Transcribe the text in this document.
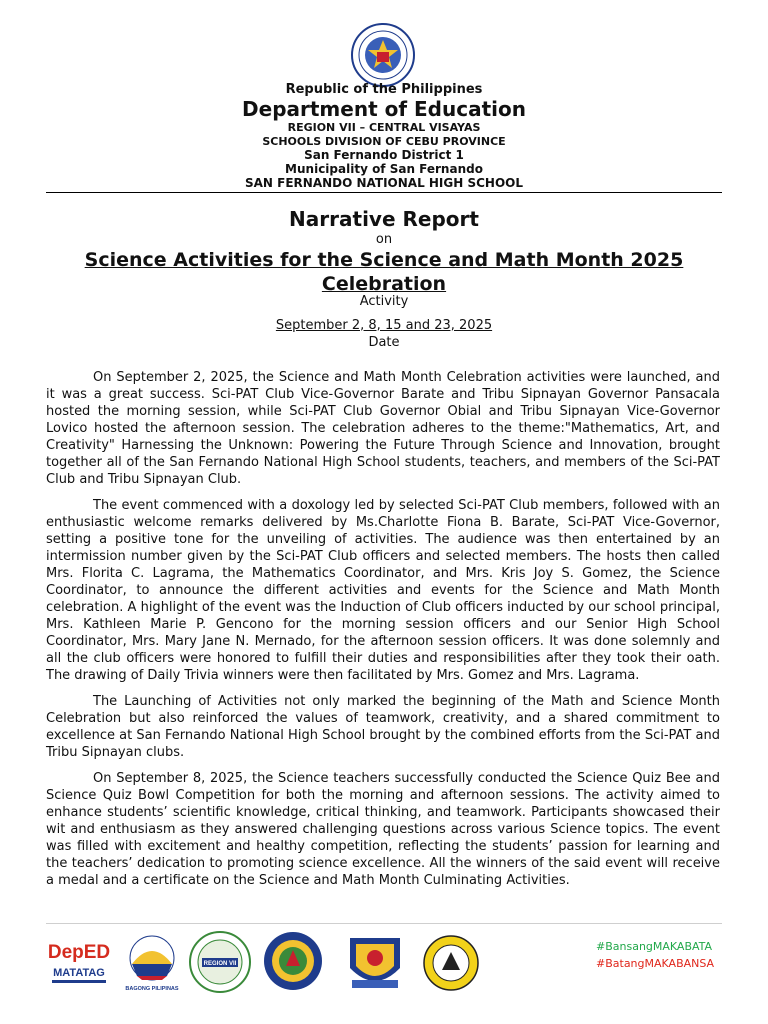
Republic of the Philippines
Department of Education
REGION VII – CENTRAL VISAYAS
SCHOOLS DIVISION OF CEBU PROVINCE
San Fernando District 1
Municipality of San Fernando
SAN FERNANDO NATIONAL HIGH SCHOOL
Narrative Report
on
Science Activities for the Science and Math Month 2025 Celebration
Activity
September 2, 8, 15 and 23, 2025
Date

On September 2, 2025, the Science and Math Month Celebration activities were launched, and it was a great success. Sci-PAT Club Vice-Governor Barate and Tribu Sipnayan Governor Pansacala hosted the morning session, while Sci-PAT Club Governor Obial and Tribu Sipnayan Vice-Governor Lovico hosted the afternoon session. The celebration adheres to the theme:"Mathematics, Art, and Creativity" Harnessing the Unknown: Powering the Future Through Science and Innovation, brought together all of the San Fernando National High School students, teachers, and members of the Sci-PAT Club and Tribu Sipnayan Club.

The event commenced with a doxology led by selected Sci-PAT Club members, followed with an enthusiastic welcome remarks delivered by Ms.Charlotte Fiona B. Barate, Sci-PAT Vice-Governor, setting a positive tone for the unveiling of activities. The audience was then entertained by an intermission number given by the Sci-PAT Club officers and selected members. The hosts then called Mrs. Florita C. Lagrama, the Mathematics Coordinator, and Mrs. Kris Joy S. Gomez, the Science Coordinator, to announce the different activities and events for the Science and Math Month celebration. A highlight of the event was the Induction of Club officers inducted by our school principal, Mrs. Kathleen Marie P. Gencono for the morning session officers and our Senior High School Coordinator, Mrs. Mary Jane N. Mernado, for the afternoon session officers. It was done solemnly and all the club officers were honored to fulfill their duties and responsibilities after they took their oath. The drawing of Daily Trivia winners were then facilitated by Mrs. Gomez and Mrs. Lagrama.

The Launching of Activities not only marked the beginning of the Math and Science Month Celebration but also reinforced the values of teamwork, creativity, and a shared commitment to excellence at San Fernando National High School brought by the combined efforts from the Sci-PAT and Tribu Sipnayan clubs.

On September 8, 2025, the Science teachers successfully conducted the Science Quiz Bee and Science Quiz Bowl Competition for both the morning and afternoon sessions. The activity aimed to enhance students’ scientific knowledge, critical thinking, and teamwork. Participants showcased their wit and enthusiasm as they answered challenging questions across various Science topics. The event was filled with excitement and healthy competition, reflecting the students’ passion for learning and the teachers’ dedication to promoting science excellence. All the winners of the said event will receive a medal and a certificate on the Science and Math Month Culminating Activities.

DepED
MATATAG
BAGONG PILIPINAS
REGION VII
#BansangMAKABATA
#BatangMAKABANSA
